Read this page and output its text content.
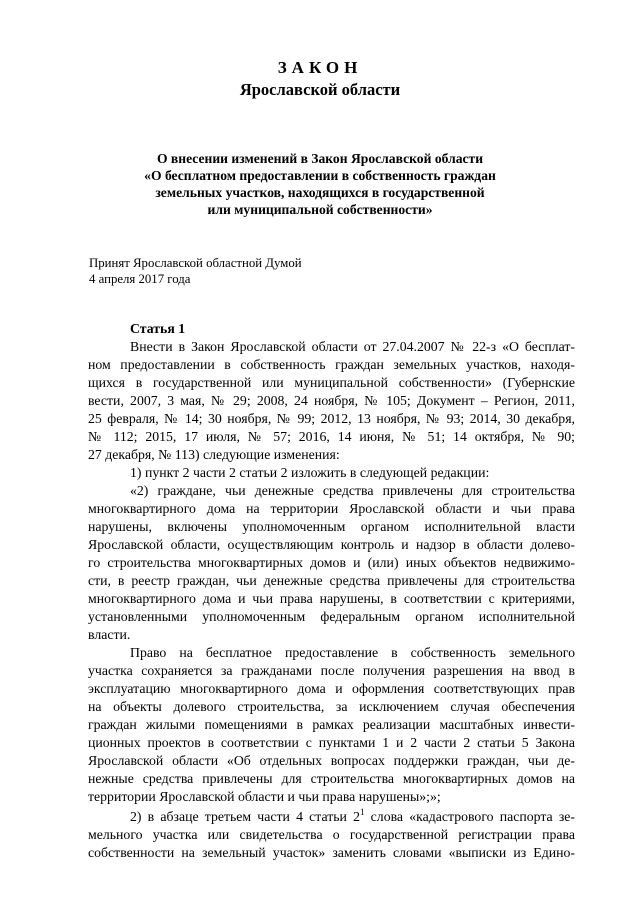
ЗАКОН
Ярославской области
О внесении изменений в Закон Ярославской области
«О бесплатном предоставлении в собственность граждан
земельных участков, находящихся в государственной
или муниципальной собственности»
Принят Ярославской областной Думой
4 апреля 2017 года
Статья 1
Внести в Закон Ярославской области от 27.04.2007 № 22-з «О бесплат-
ном предоставлении в собственность граждан земельных участков, находя-
щихся в государственной или муниципальной собственности» (Губернские
вести, 2007, 3 мая, № 29; 2008, 24 ноября, № 105; Документ – Регион, 2011,
25 февраля, № 14; 30 ноября, № 99; 2012, 13 ноября, № 93; 2014, 30 декабря,
№ 112; 2015, 17 июля, № 57; 2016, 14 июня, № 51; 14 октября, № 90;
27 декабря, № 113) следующие изменения:
1) пункт 2 части 2 статьи 2 изложить в следующей редакции:
«2) граждане, чьи денежные средства привлечены для строительства
многоквартирного дома на территории Ярославской области и чьи права
нарушены, включены уполномоченным органом исполнительной власти
Ярославской области, осуществляющим контроль и надзор в области долево-
го строительства многоквартирных домов и (или) иных объектов недвижимо-
сти, в реестр граждан, чьи денежные средства привлечены для строительства
многоквартирного дома и чьи права нарушены, в соответствии с критериями,
установленными уполномоченным федеральным органом исполнительной
власти.
Право на бесплатное предоставление в собственность земельного
участка сохраняется за гражданами после получения разрешения на ввод в
эксплуатацию многоквартирного дома и оформления соответствующих прав
на объекты долевого строительства, за исключением случая обеспечения
граждан жилыми помещениями в рамках реализации масштабных инвести-
ционных проектов в соответствии с пунктами 1 и 2 части 2 статьи 5 Закона
Ярославской области «Об отдельных вопросах поддержки граждан, чьи де-
нежные средства привлечены для строительства многоквартирных домов на
территории Ярославской области и чьи права нарушены»;»;
2) в абзаце третьем части 4 статьи $2^1$ слова «кадастрового паспорта зе-
мельного участка или свидетельства о государственной регистрации права
собственности на земельный участок» заменить словами «выписки из Едино-
